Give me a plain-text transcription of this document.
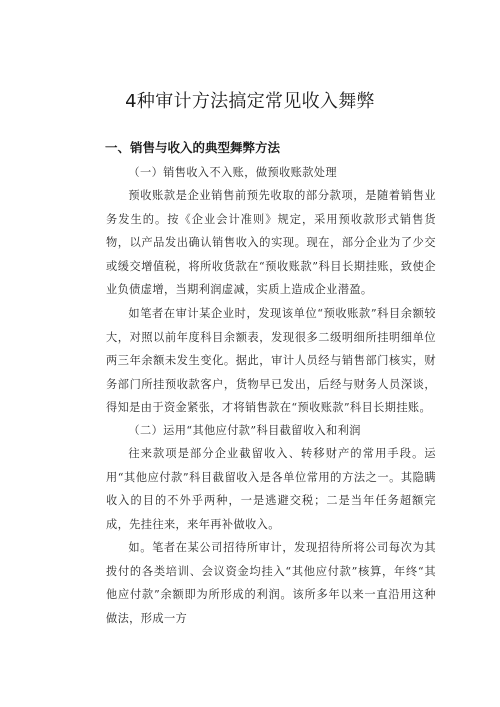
4种审计方法搞定常见收入舞弊
一、销售与收入的典型舞弊方法

（一）销售收入不入账，做预收账款处理

预收账款是企业销售前预先收取的部分款项，是随着销售业务发生的。按《企业会计准则》规定，采用预收款形式销售货物，以产品发出确认销售收入的实现。现在，部分企业为了少交或缓交增值税，将所收货款在“预收账款”科目长期挂账，致使企业负债虚增，当期利润虚减，实质上造成企业潜盈。

如笔者在审计某企业时，发现该单位“预收账款”科目余额较大，对照以前年度科目余额表，发现很多二级明细所挂明细单位两三年余额未发生变化。据此，审计人员经与销售部门核实，财务部门所挂预收款客户，货物早已发出，后经与财务人员深谈，得知是由于资金紧张，才将销售款在“预收账款”科目长期挂账。

（二）运用“其他应付款”科目截留收入和利润

往来款项是部分企业截留收入、转移财产的常用手段。运用“其他应付款”科目截留收入是各单位常用的方法之一。其隐瞒收入的目的不外乎两种，一是逃避交税；二是当年任务超额完成，先挂往来，来年再补做收入。

如。笔者在某公司招待所审计，发现招待所将公司每次为其拨付的各类培训、会议资金均挂入“其他应付款”核算，年终“其他应付款”余额即为所形成的利润。该所多年以来一直沿用这种做法，形成一方
